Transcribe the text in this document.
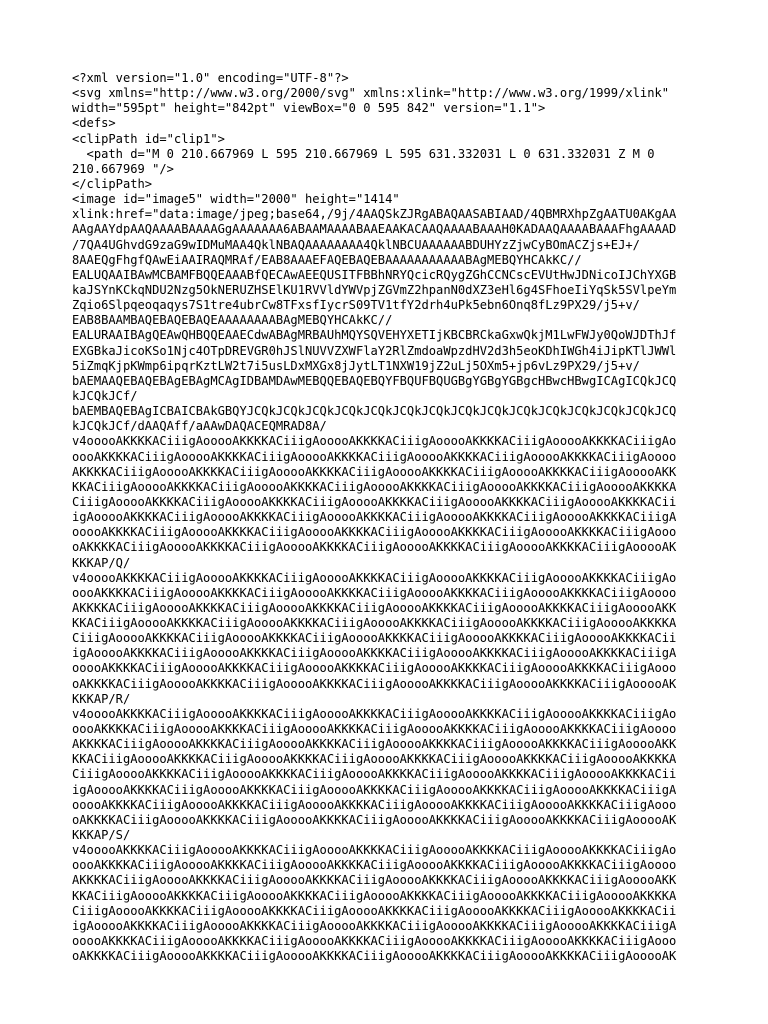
<?xml version="1.0" encoding="UTF-8"?>
<svg xmlns="http://www.w3.org/2000/svg" xmlns:xlink="http://www.w3.org/1999/xlink"
width="595pt" height="842pt" viewBox="0 0 595 842" version="1.1">
<defs>
<clipPath id="clip1">
<path d="M 0 210.667969 L 595 210.667969 L 595 631.332031 L 0 631.332031 Z M 0
210.667969 "/>
</clipPath>
<image id="image5" width="2000" height="1414"
xlink:href="data:image/jpeg;base64,/9j/4AAQSkZJRgABAQAASABIAAD/4QBMRXhpZgAATU0AKgAA
AAgAAYdpAAQAAAABAAAAGgAAAAAAA6ABAAMAAAABAAEAAKACAAQAAAABAAAH0KADAAQAAAABAAAFhgAAAAD
/7QA4UGhvdG9zaG9wIDMuMAA4QklNBAQAAAAAAAA4QklNBCUAAAAAABDUHYzZjwCyBOmACZjs+EJ+/
8AAEQgFhgfQAwEiAAIRAQMRAf/EAB8AAAEFAQEBAQEBAAAAAAAAAAABAgMEBQYHCAkKC//
EALUQAAIBAwMCBAMFBQQEAAABfQECAwAEEQUSITFBBhNRYQcicRQygZGhCCNCscEVUtHwJDNicoIJChYXGB
kaJSYnKCkqNDU2Nzg5OkNERUZHSElKU1RVVldYWVpjZGVmZ2hpanN0dXZ3eHl6g4SFhoeIiYqSk5SVlpeYm
Zqio6Slpqeoqaqys7S1tre4ubrCw8TFxsfIycrS09TV1tfY2drh4uPk5ebn6Onq8fLz9PX29/j5+v/
EAB8BAAMBAQEBAQEBAQEAAAAAAAABAgMEBQYHCAkKC//
EALURAAIBAgQEAwQHBQQEAAECdwABAgMRBAUhMQYSQVEHYXETIjKBCBRCkaGxwQkjM1LwFWJy0QoWJDThJf
EXGBkaJicoKSo1Njc4OTpDREVGR0hJSlNUVVZXWFlaY2RlZmdoaWpzdHV2d3h5eoKDhIWGh4iJipKTlJWWl
5iZmqKjpKWmp6ipqrKztLW2t7i5usLDxMXGx8jJytLT1NXW19jZ2uLj5OXm5+jp6vLz9PX29/j5+v/
bAEMAAQEBAQEBAgEBAgMCAgIDBAMDAwMEBQQEBAQEBQYFBQUFBQUGBgYGBgYGBgcHBwcHBwgICAgICQkJCQ
kJCQkJCf/
bAEMBAQEBAgICBAICBAkGBQYJCQkJCQkJCQkJCQkJCQkJCQkJCQkJCQkJCQkJCQkJCQkJCQkJCQkJCQkJCQ
kJCQkJCf/dAAQAff/aAAwDAQACEQMRAD8A/
v4ooooAKKKKACiiigAooooAKKKKACiiigAooooAKKKKACiiigAooooAKKKKACiiigAooooAKKKKACiiigAo
oooAKKKKACiiigAooooAKKKKACiiigAooooAKKKKACiiigAooooAKKKKACiiigAooooAKKKKACiiigAoooo
AKKKKACiiigAooooAKKKKACiiigAooooAKKKKACiiigAooooAKKKKACiiigAooooAKKKKACiiigAooooAKK
KKACiiigAooooAKKKKACiiigAooooAKKKKACiiigAooooAKKKKACiiigAooooAKKKKACiiigAooooAKKKKA
CiiigAooooAKKKKACiiigAooooAKKKKACiiigAooooAKKKKACiiigAooooAKKKKACiiigAooooAKKKKACii
igAooooAKKKKACiiigAooooAKKKKACiiigAooooAKKKKACiiigAooooAKKKKACiiigAooooAKKKKACiiigA
ooooAKKKKACiiigAooooAKKKKACiiigAooooAKKKKACiiigAooooAKKKKACiiigAooooAKKKKACiiigAooo
oAKKKKACiiigAooooAKKKKACiiigAooooAKKKKACiiigAooooAKKKKACiiigAooooAKKKKACiiigAooooAK
KKKAP/Q/
v4ooooAKKKKACiiigAooooAKKKKACiiigAooooAKKKKACiiigAooooAKKKKACiiigAooooAKKKKACiiigAo
oooAKKKKACiiigAooooAKKKKACiiigAooooAKKKKACiiigAooooAKKKKACiiigAooooAKKKKACiiigAoooo
AKKKKACiiigAooooAKKKKACiiigAooooAKKKKACiiigAooooAKKKKACiiigAooooAKKKKACiiigAooooAKK
KKACiiigAooooAKKKKACiiigAooooAKKKKACiiigAooooAKKKKACiiigAooooAKKKKACiiigAooooAKKKKA
CiiigAooooAKKKKACiiigAooooAKKKKACiiigAooooAKKKKACiiigAooooAKKKKACiiigAooooAKKKKACii
igAooooAKKKKACiiigAooooAKKKKACiiigAooooAKKKKACiiigAooooAKKKKACiiigAooooAKKKKACiiigA
ooooAKKKKACiiigAooooAKKKKACiiigAooooAKKKKACiiigAooooAKKKKACiiigAooooAKKKKACiiigAooo
oAKKKKACiiigAooooAKKKKACiiigAooooAKKKKACiiigAooooAKKKKACiiigAooooAKKKKACiiigAooooAK
KKKAP/R/
v4ooooAKKKKACiiigAooooAKKKKACiiigAooooAKKKKACiiigAooooAKKKKACiiigAooooAKKKKACiiigAo
oooAKKKKACiiigAooooAKKKKACiiigAooooAKKKKACiiigAooooAKKKKACiiigAooooAKKKKACiiigAoooo
AKKKKACiiigAooooAKKKKACiiigAooooAKKKKACiiigAooooAKKKKACiiigAooooAKKKKACiiigAooooAKK
KKACiiigAooooAKKKKACiiigAooooAKKKKACiiigAooooAKKKKACiiigAooooAKKKKACiiigAooooAKKKKA
CiiigAooooAKKKKACiiigAooooAKKKKACiiigAooooAKKKKACiiigAooooAKKKKACiiigAooooAKKKKACii
igAooooAKKKKACiiigAooooAKKKKACiiigAooooAKKKKACiiigAooooAKKKKACiiigAooooAKKKKACiiigA
ooooAKKKKACiiigAooooAKKKKACiiigAooooAKKKKACiiigAooooAKKKKACiiigAooooAKKKKACiiigAooo
oAKKKKACiiigAooooAKKKKACiiigAooooAKKKKACiiigAooooAKKKKACiiigAooooAKKKKACiiigAooooAK
KKKAP/S/
v4ooooAKKKKACiiigAooooAKKKKACiiigAooooAKKKKACiiigAooooAKKKKACiiigAooooAKKKKACiiigAo
oooAKKKKACiiigAooooAKKKKACiiigAooooAKKKKACiiigAooooAKKKKACiiigAooooAKKKKACiiigAoooo
AKKKKACiiigAooooAKKKKACiiigAooooAKKKKACiiigAooooAKKKKACiiigAooooAKKKKACiiigAooooAKK
KKACiiigAooooAKKKKACiiigAooooAKKKKACiiigAooooAKKKKACiiigAooooAKKKKACiiigAooooAKKKKA
CiiigAooooAKKKKACiiigAooooAKKKKACiiigAooooAKKKKACiiigAooooAKKKKACiiigAooooAKKKKACii
igAooooAKKKKACiiigAooooAKKKKACiiigAooooAKKKKACiiigAooooAKKKKACiiigAooooAKKKKACiiigA
ooooAKKKKACiiigAooooAKKKKACiiigAooooAKKKKACiiigAooooAKKKKACiiigAooooAKKKKACiiigAooo
oAKKKKACiiigAooooAKKKKACiiigAooooAKKKKACiiigAooooAKKKKACiiigAooooAKKKKACiiigAooooAK
